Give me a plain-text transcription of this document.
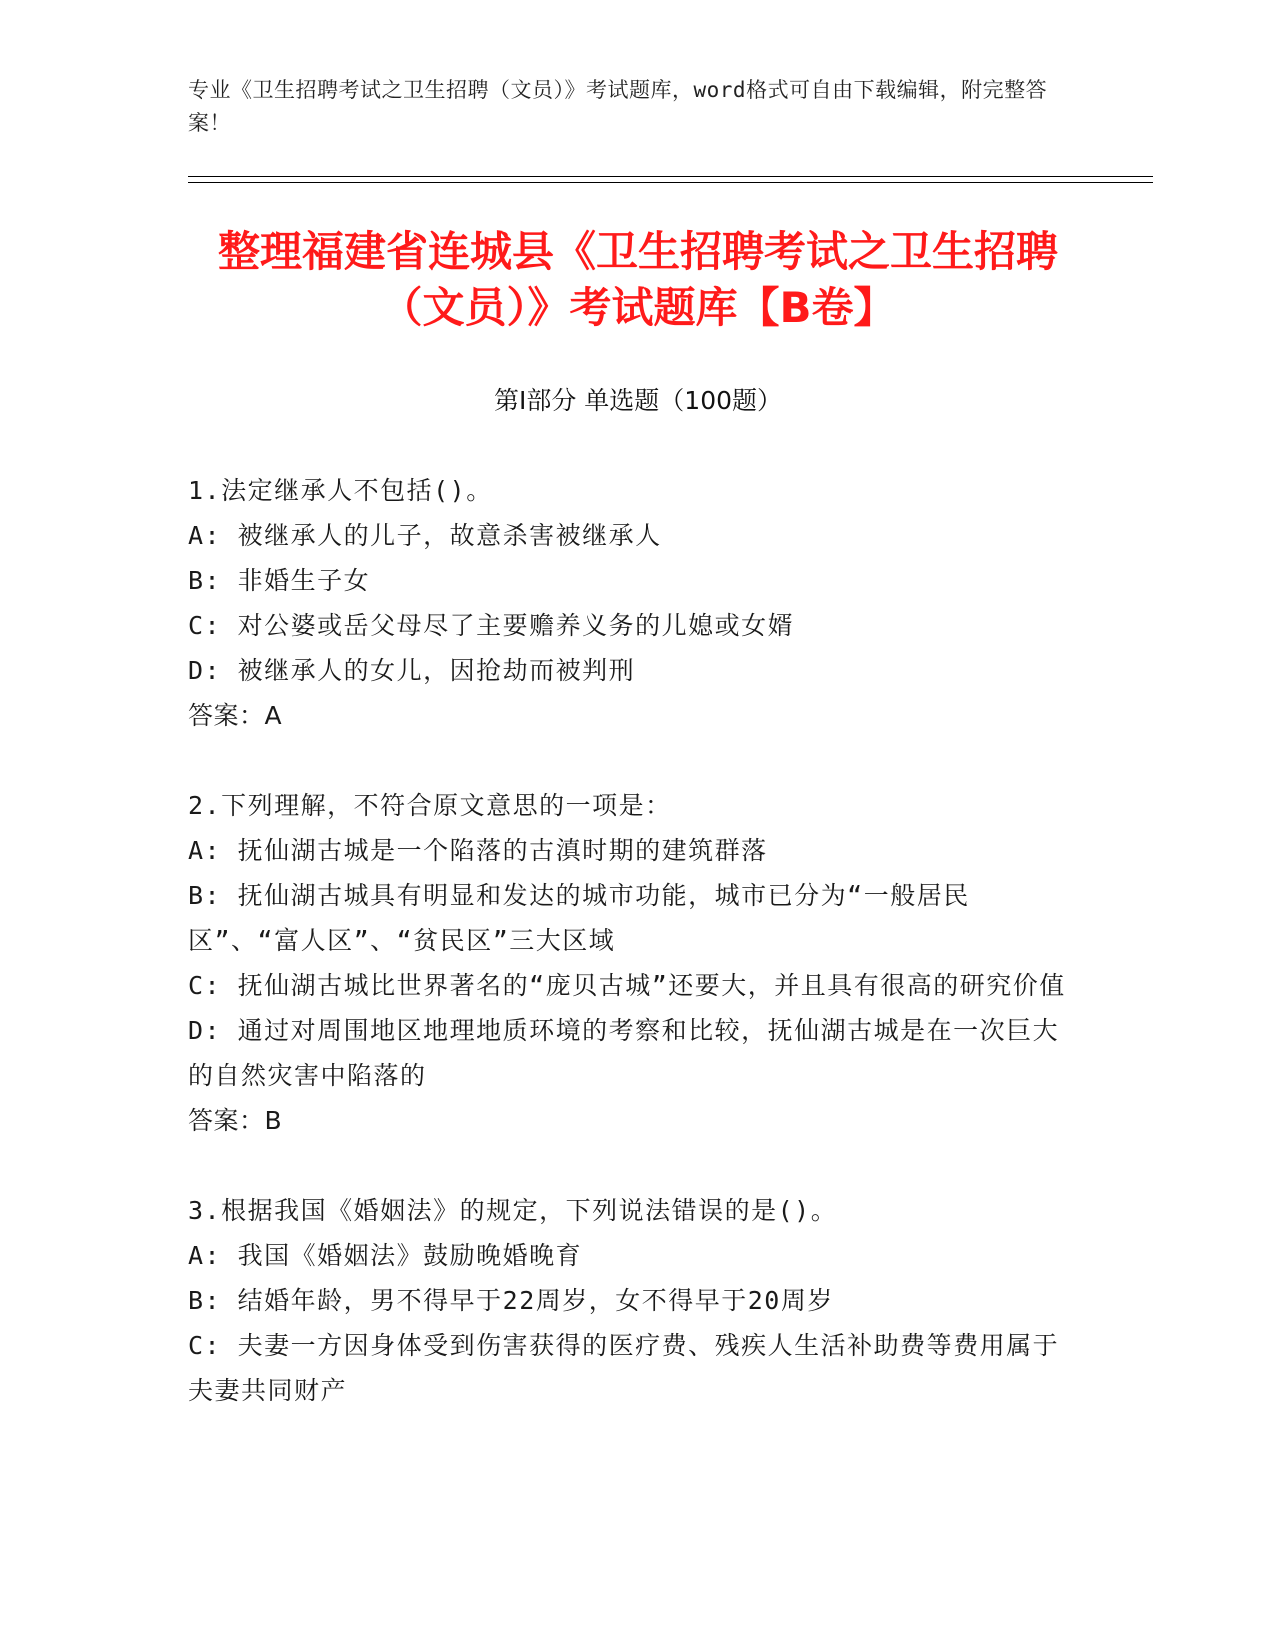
专业《卫生招聘考试之卫生招聘（文员）》考试题库，word格式可自由下载编辑，附完整答案！
整理福建省连城县《卫生招聘考试之卫生招聘（文员）》考试题库【B卷】
第I部分 单选题（100题）

1.法定继承人不包括()。

A: 被继承人的儿子，故意杀害被继承人

B: 非婚生子女

C: 对公婆或岳父母尽了主要赡养义务的儿媳或女婿

D: 被继承人的女儿，因抢劫而被判刑

答案：A

2.下列理解，不符合原文意思的一项是：

A: 抚仙湖古城是一个陷落的古滇时期的建筑群落

B: 抚仙湖古城具有明显和发达的城市功能，城市已分为“一般居民区”、“富人区”、“贫民区”三大区域

C: 抚仙湖古城比世界著名的“庞贝古城”还要大，并且具有很高的研究价值

D: 通过对周围地区地理地质环境的考察和比较，抚仙湖古城是在一次巨大的自然灾害中陷落的

答案：B

3.根据我国《婚姻法》的规定，下列说法错误的是()。

A: 我国《婚姻法》鼓励晚婚晚育

B: 结婚年龄，男不得早于22周岁，女不得早于20周岁

C: 夫妻一方因身体受到伤害获得的医疗费、残疾人生活补助费等费用属于夫妻共同财产
